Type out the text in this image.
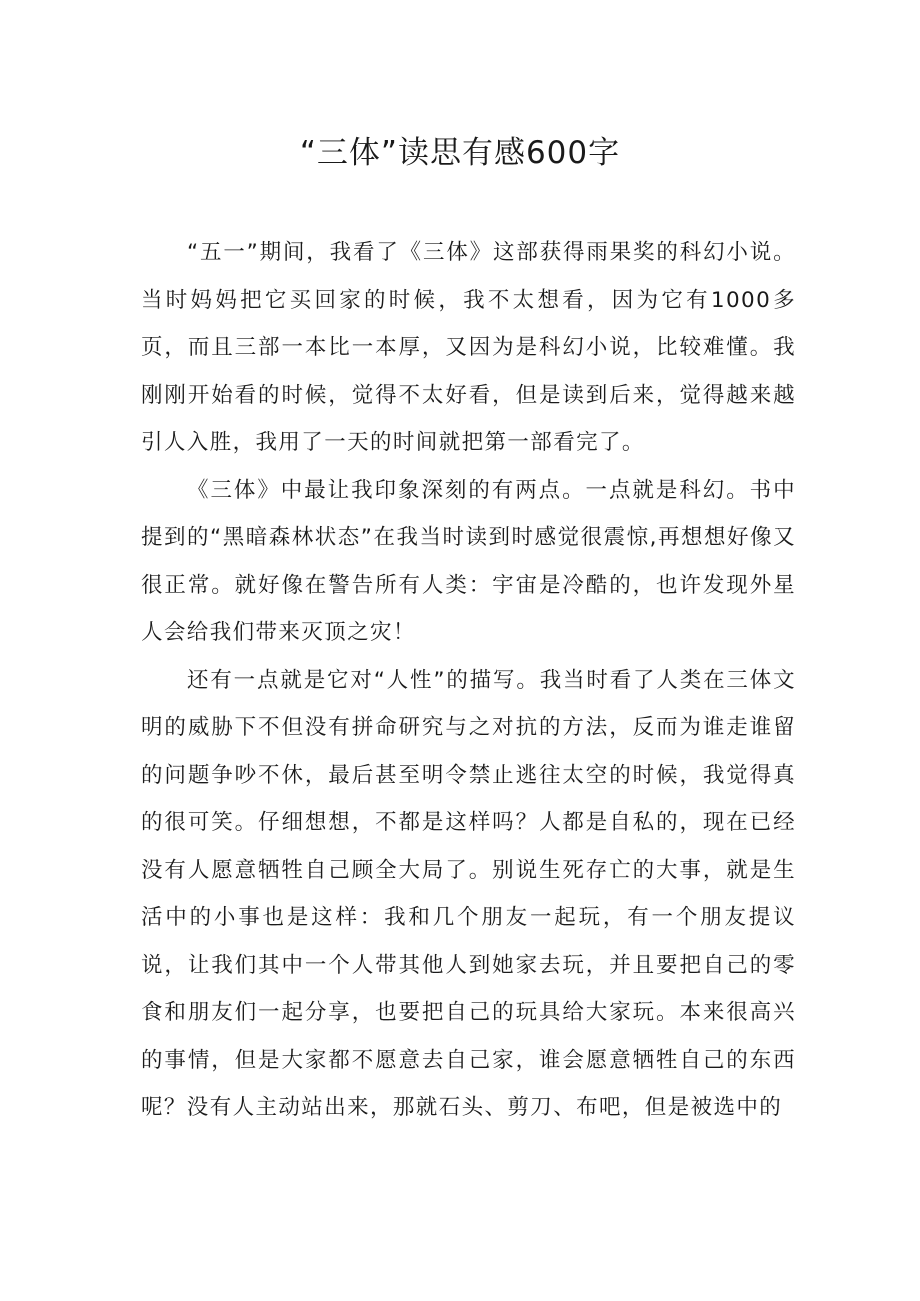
“三体”读思有感600字

“五一”期间，我看了《三体》这部获得雨果奖的科幻小说。当时妈妈把它买回家的时候，我不太想看，因为它有1000多页，而且三部一本比一本厚，又因为是科幻小说，比较难懂。我刚刚开始看的时候，觉得不太好看，但是读到后来，觉得越来越引人入胜，我用了一天的时间就把第一部看完了。

《三体》中最让我印象深刻的有两点。一点就是科幻。书中提到的“黑暗森林状态”在我当时读到时感觉很震惊,再想想好像又很正常。就好像在警告所有人类：宇宙是冷酷的，也许发现外星人会给我们带来灭顶之灾！

还有一点就是它对“人性”的描写。我当时看了人类在三体文明的威胁下不但没有拼命研究与之对抗的方法，反而为谁走谁留的问题争吵不休，最后甚至明令禁止逃往太空的时候，我觉得真的很可笑。仔细想想，不都是这样吗？人都是自私的，现在已经没有人愿意牺牲自己顾全大局了。别说生死存亡的大事，就是生活中的小事也是这样：我和几个朋友一起玩，有一个朋友提议说，让我们其中一个人带其他人到她家去玩，并且要把自己的零食和朋友们一起分享，也要把自己的玩具给大家玩。本来很高兴的事情，但是大家都不愿意去自己家，谁会愿意牺牲自己的东西呢？没有人主动站出来，那就石头、剪刀、布吧，但是被选中的
